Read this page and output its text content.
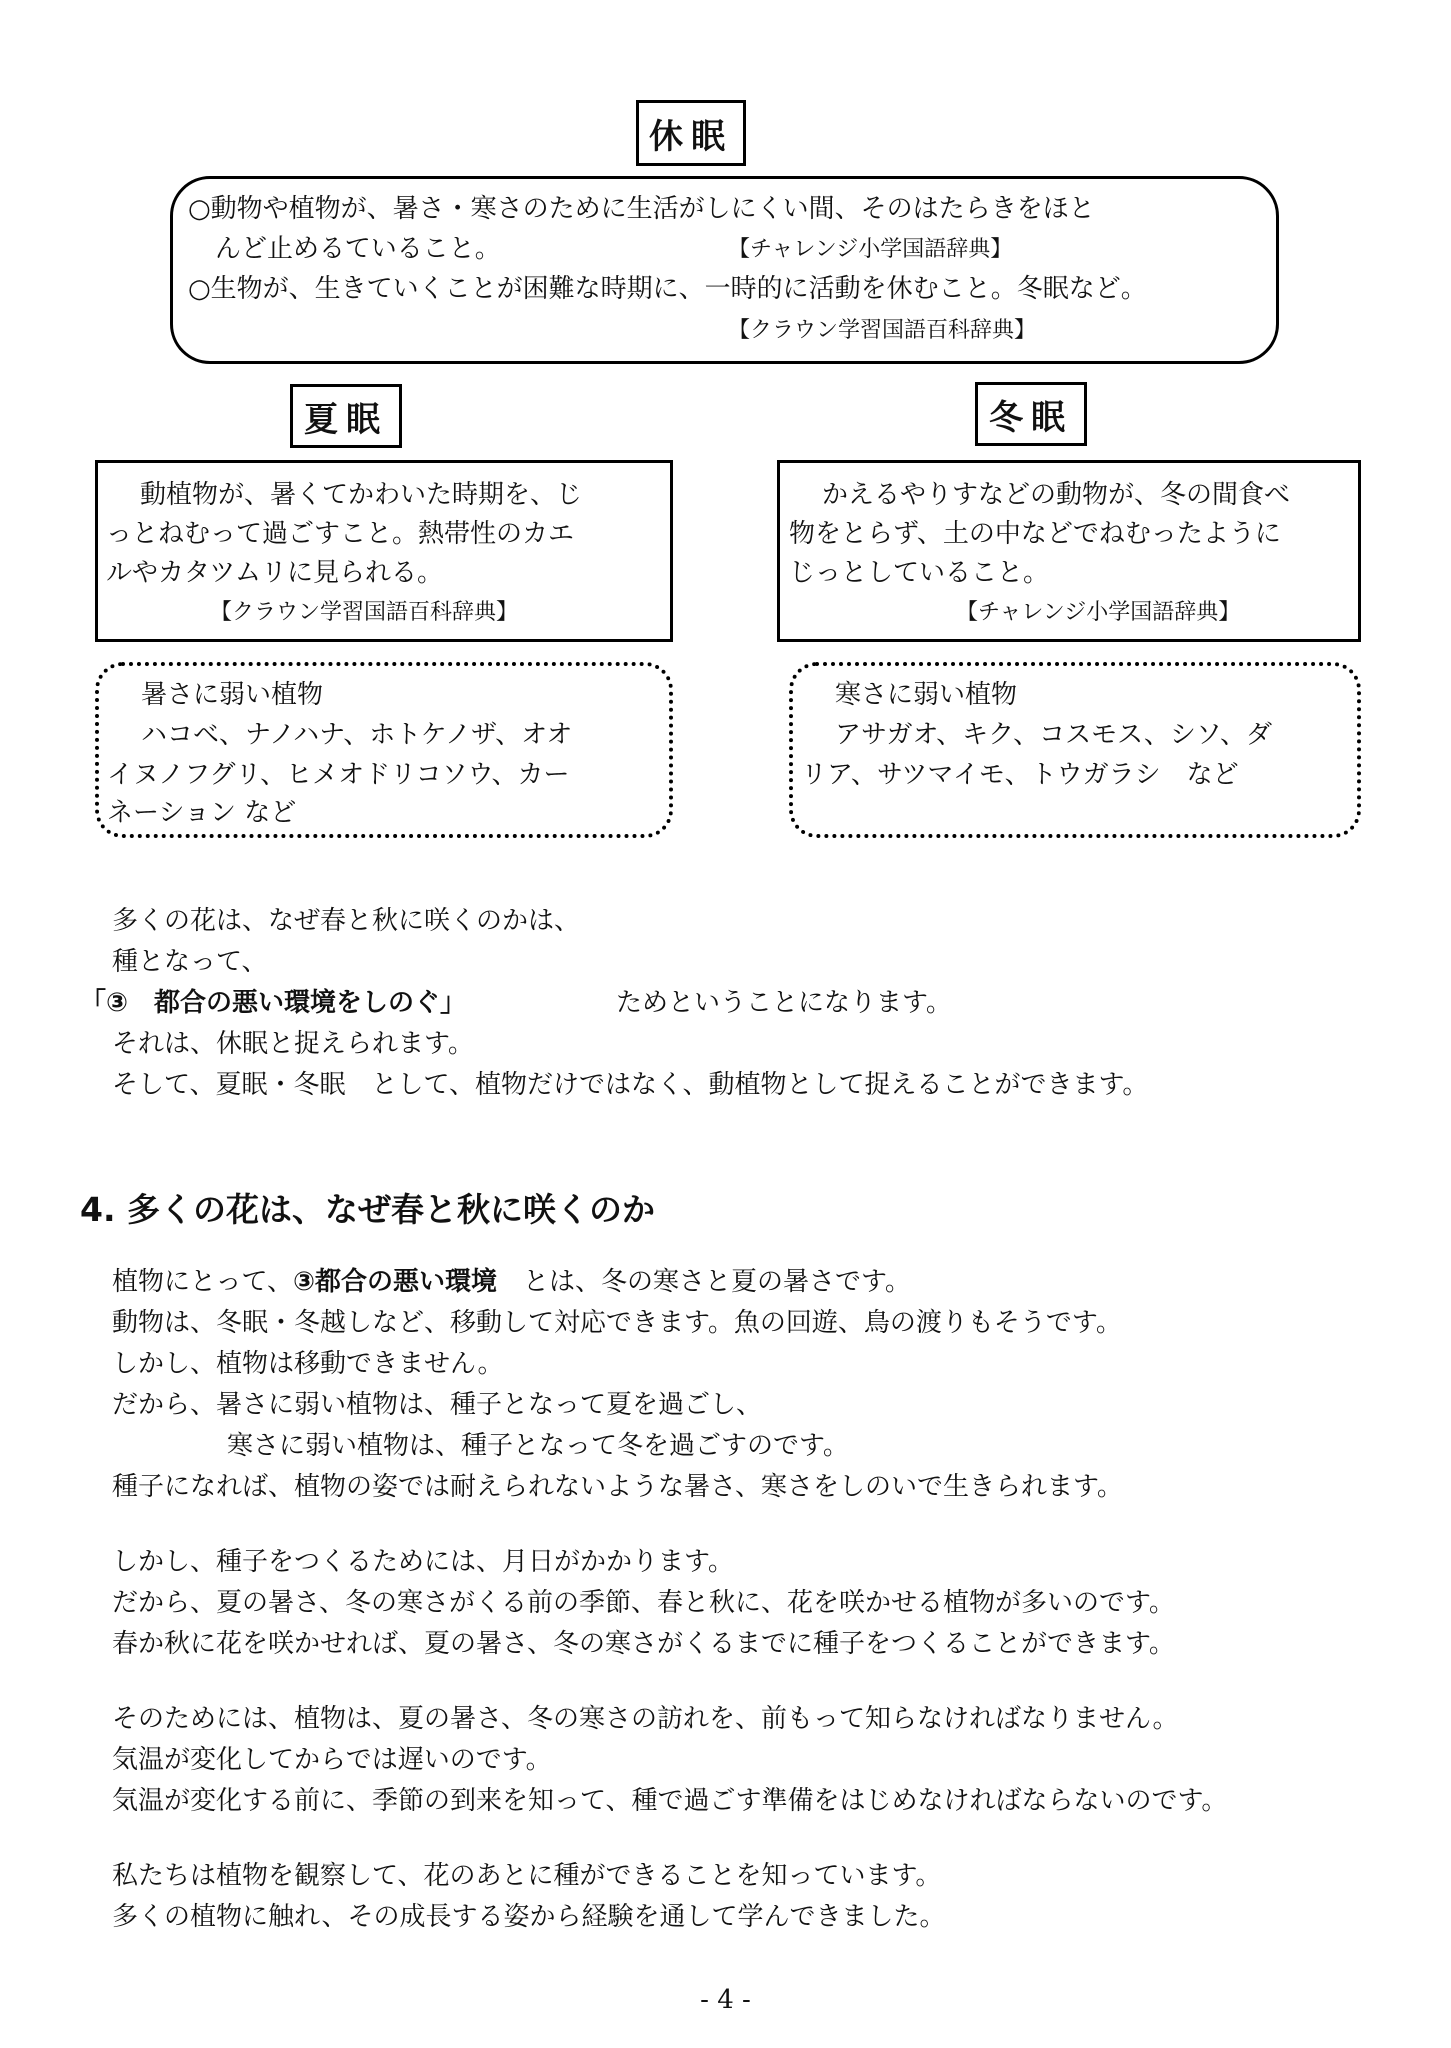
休眠
○動物や植物が、暑さ・寒さのために生活がしにくい間、そのはたらきをほと
んど止めるていること。	【チャレンジ小学国語辞典】
○生物が、生きていくことが困難な時期に、一時的に活動を休むこと。冬眠など。
【クラウン学習国語百科辞典】
夏眠	冬眠
動植物が、暑くてかわいた時期を、じ
っとねむって過ごすこと。熱帯性のカエ
ルやカタツムリに見られる。
【クラウン学習国語百科辞典】
かえるやりすなどの動物が、冬の間食べ
物をとらず、土の中などでねむったように
じっとしていること。
【チャレンジ小学国語辞典】
暑さに弱い植物
ハコベ、ナノハナ、ホトケノザ、オオ
イヌノフグリ、ヒメオドリコソウ、カー
ネーション など
寒さに弱い植物
アサガオ、キク、コスモス、シソ、ダ
リア、サツマイモ、トウガラシ　など
多くの花は、なぜ春と秋に咲くのかは、
種となって、
「③　都合の悪い環境をしのぐ」	ためということになります。
それは、休眠と捉えられます。
そして、夏眠・冬眠　として、植物だけではなく、動植物として捉えることができます。
4. 多くの花は、なぜ春と秋に咲くのか
植物にとって、③都合の悪い環境　とは、冬の寒さと夏の暑さです。
動物は、冬眠・冬越しなど、移動して対応できます。魚の回遊、鳥の渡りもそうです。
しかし、植物は移動できません。
だから、暑さに弱い植物は、種子となって夏を過ごし、
寒さに弱い植物は、種子となって冬を過ごすのです。
種子になれば、植物の姿では耐えられないような暑さ、寒さをしのいで生きられます。
しかし、種子をつくるためには、月日がかかります。
だから、夏の暑さ、冬の寒さがくる前の季節、春と秋に、花を咲かせる植物が多いのです。
春か秋に花を咲かせれば、夏の暑さ、冬の寒さがくるまでに種子をつくることができます。
そのためには、植物は、夏の暑さ、冬の寒さの訪れを、前もって知らなければなりません。
気温が変化してからでは遅いのです。
気温が変化する前に、季節の到来を知って、種で過ごす準備をはじめなければならないのです。
私たちは植物を観察して、花のあとに種ができることを知っています。
多くの植物に触れ、その成長する姿から経験を通して学んできました。
- 4 -
